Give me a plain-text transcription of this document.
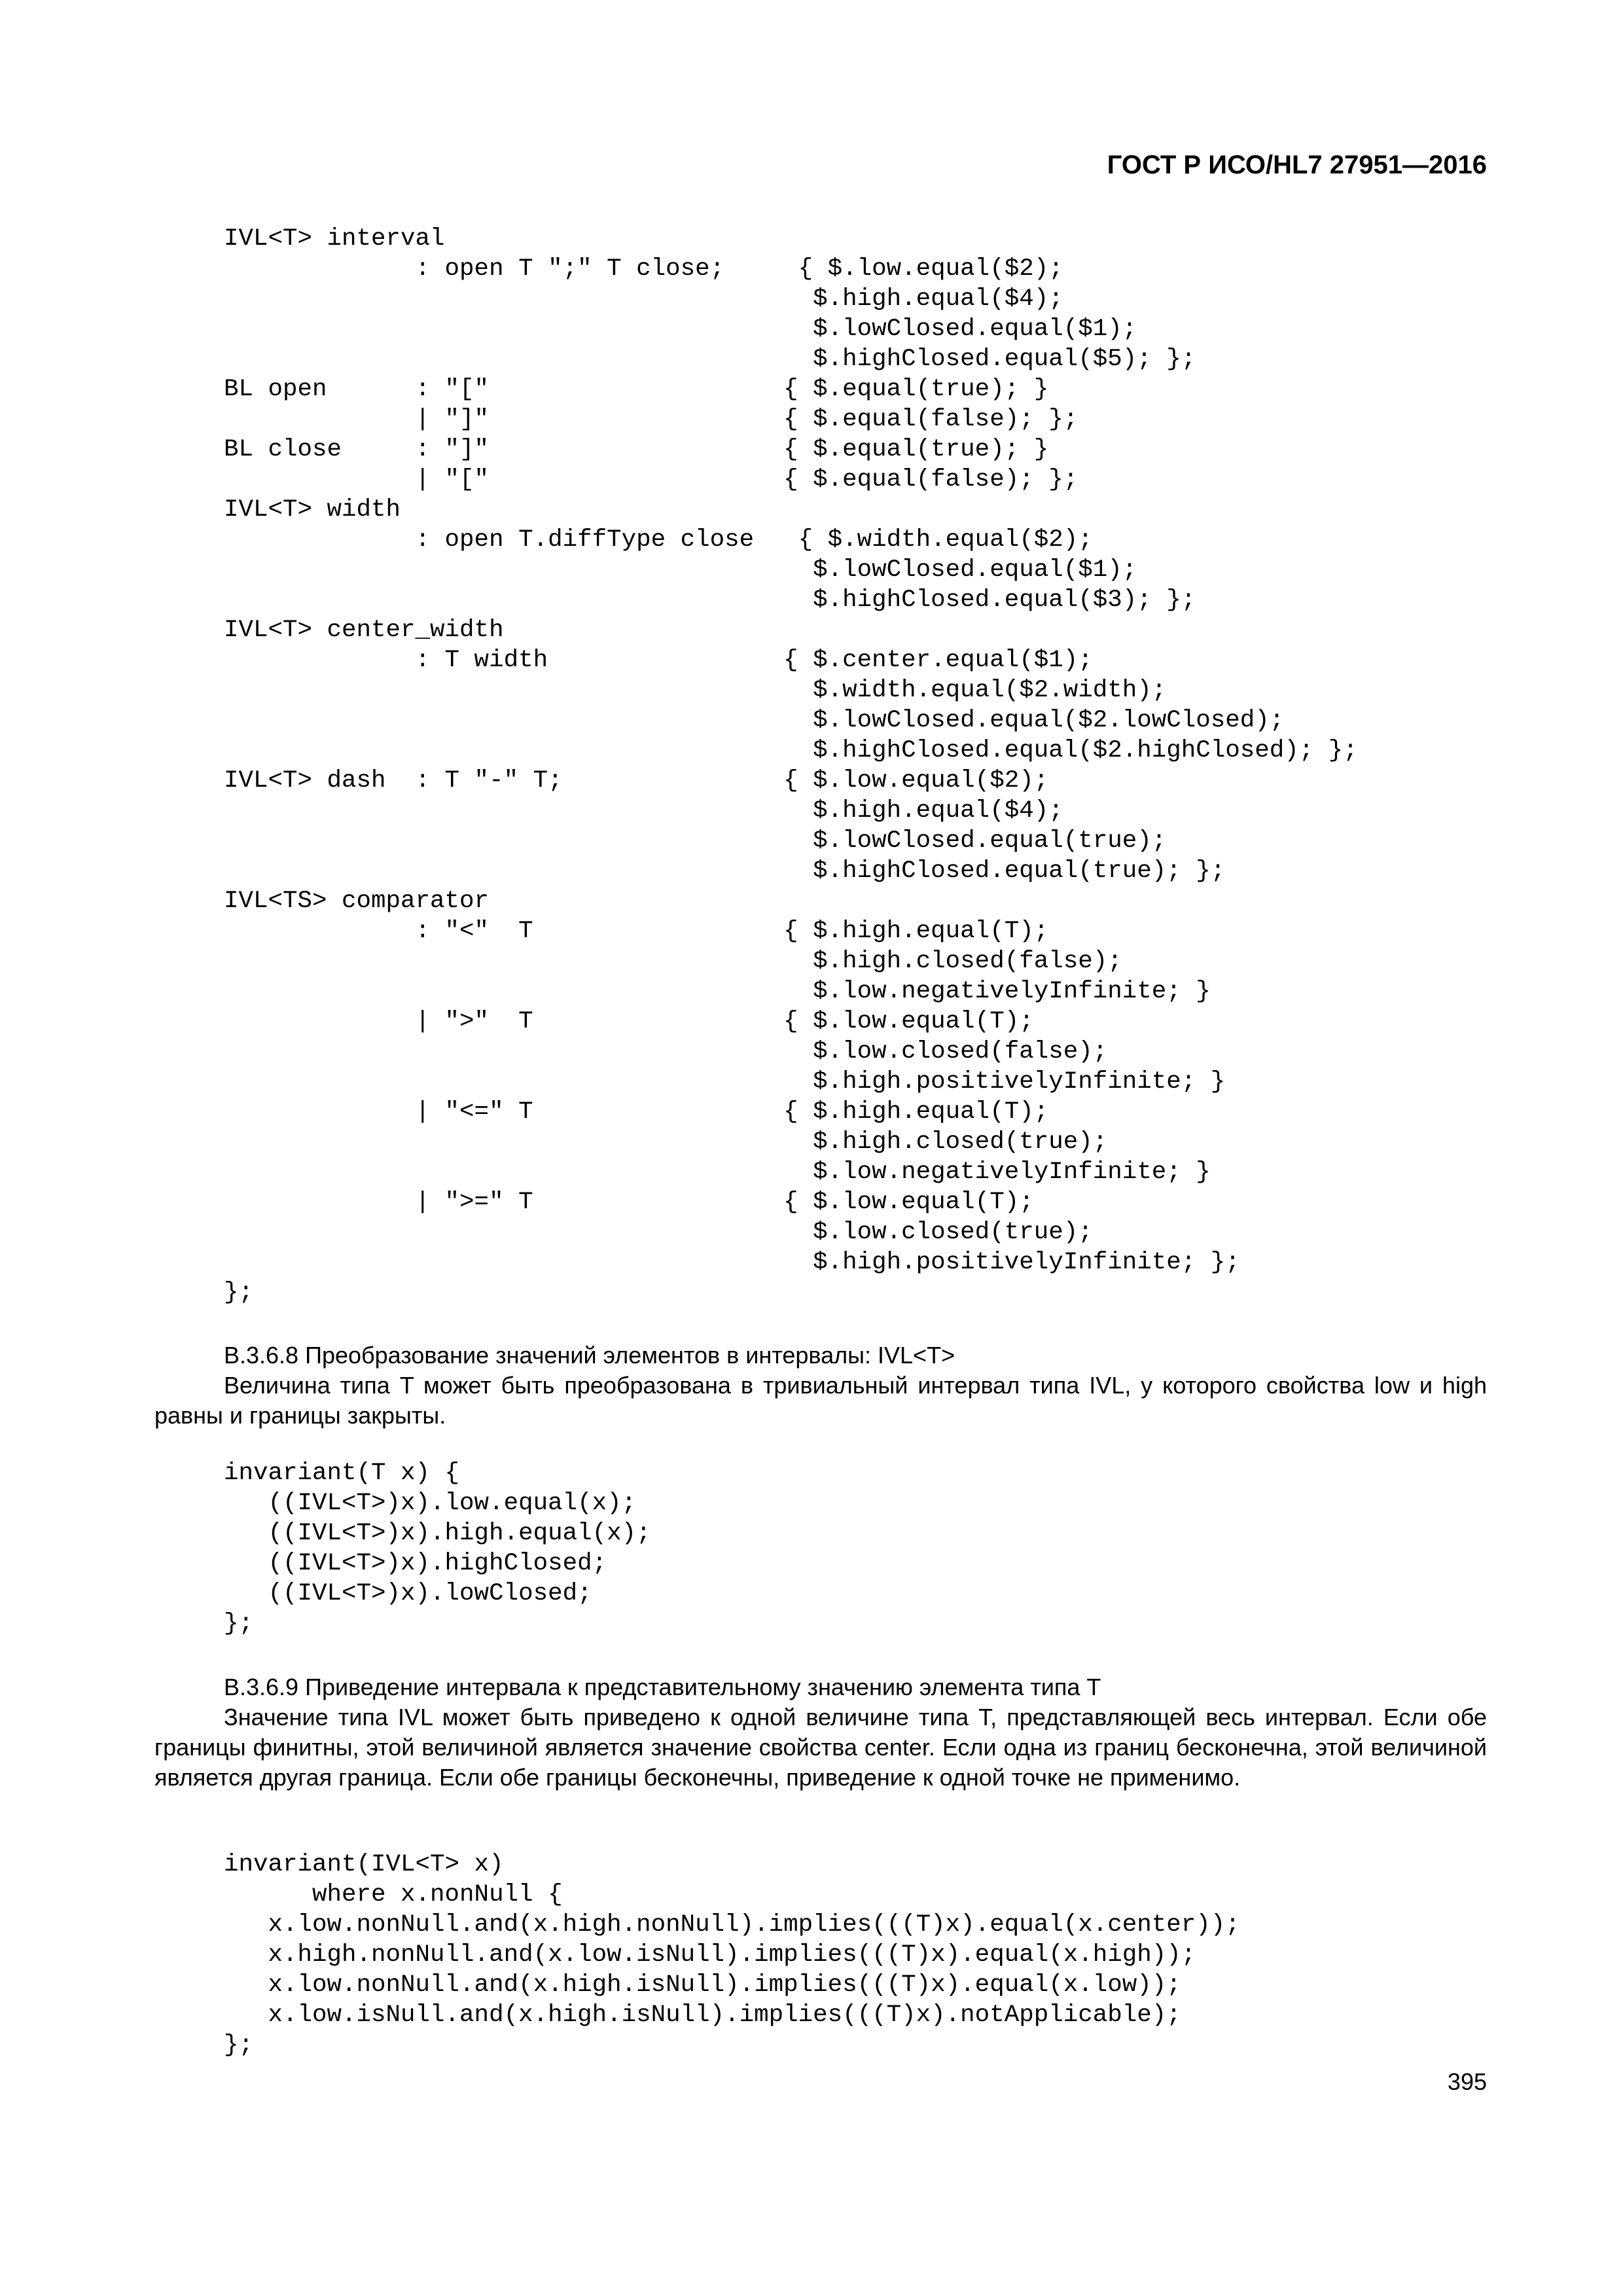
ГОСТ Р ИСО/HL7 27951—2016
IVL<T> interval
: open T ";" T close;     { $.low.equal($2);
$.high.equal($4);
$.lowClosed.equal($1);
$.highClosed.equal($5); };
BL open      : "["                    { $.equal(true); }
| "]"                    { $.equal(false); };
BL close     : "]"                    { $.equal(true); }
| "["                    { $.equal(false); };
IVL<T> width
: open T.diffType close   { $.width.equal($2);
$.lowClosed.equal($1);
$.highClosed.equal($3); };
IVL<T> center_width
: T width                { $.center.equal($1);
$.width.equal($2.width);
$.lowClosed.equal($2.lowClosed);
$.highClosed.equal($2.highClosed); };
IVL<T> dash  : T "-" T;               { $.low.equal($2);
$.high.equal($4);
$.lowClosed.equal(true);
$.highClosed.equal(true); };
IVL<TS> comparator
: "<"  T                 { $.high.equal(T);
$.high.closed(false);
$.low.negativelyInfinite; }
| ">"  T                 { $.low.equal(T);
$.low.closed(false);
$.high.positivelyInfinite; }
| "<=" T                 { $.high.equal(T);
$.high.closed(true);
$.low.negativelyInfinite; }
| ">=" T                 { $.low.equal(T);
$.low.closed(true);
$.high.positivelyInfinite; };
};
B.3.6.8 Преобразование значений элементов в интервалы: IVL<T>

Величина типа T может быть преобразована в тривиальный интервал типа IVL, у которого свойства low и high равны и границы закрыты.

invariant(T x) {
((IVL<T>)x).low.equal(x);
((IVL<T>)x).high.equal(x);
((IVL<T>)x).highClosed;
((IVL<T>)x).lowClosed;
};
B.3.6.9 Приведение интервала к представительному значению элемента типа T

Значение типа IVL может быть приведено к одной величине типа T, представляющей весь интервал. Если обе границы финитны, этой величиной является значение свойства center. Если одна из границ бесконечна, этой величиной является другая граница. Если обе границы бесконечны, приведение к одной точке не применимо.

invariant(IVL<T> x)
where x.nonNull {
x.low.nonNull.and(x.high.nonNull).implies(((T)x).equal(x.center));
x.high.nonNull.and(x.low.isNull).implies(((T)x).equal(x.high));
x.low.nonNull.and(x.high.isNull).implies(((T)x).equal(x.low));
x.low.isNull.and(x.high.isNull).implies(((T)x).notApplicable);
};
395
